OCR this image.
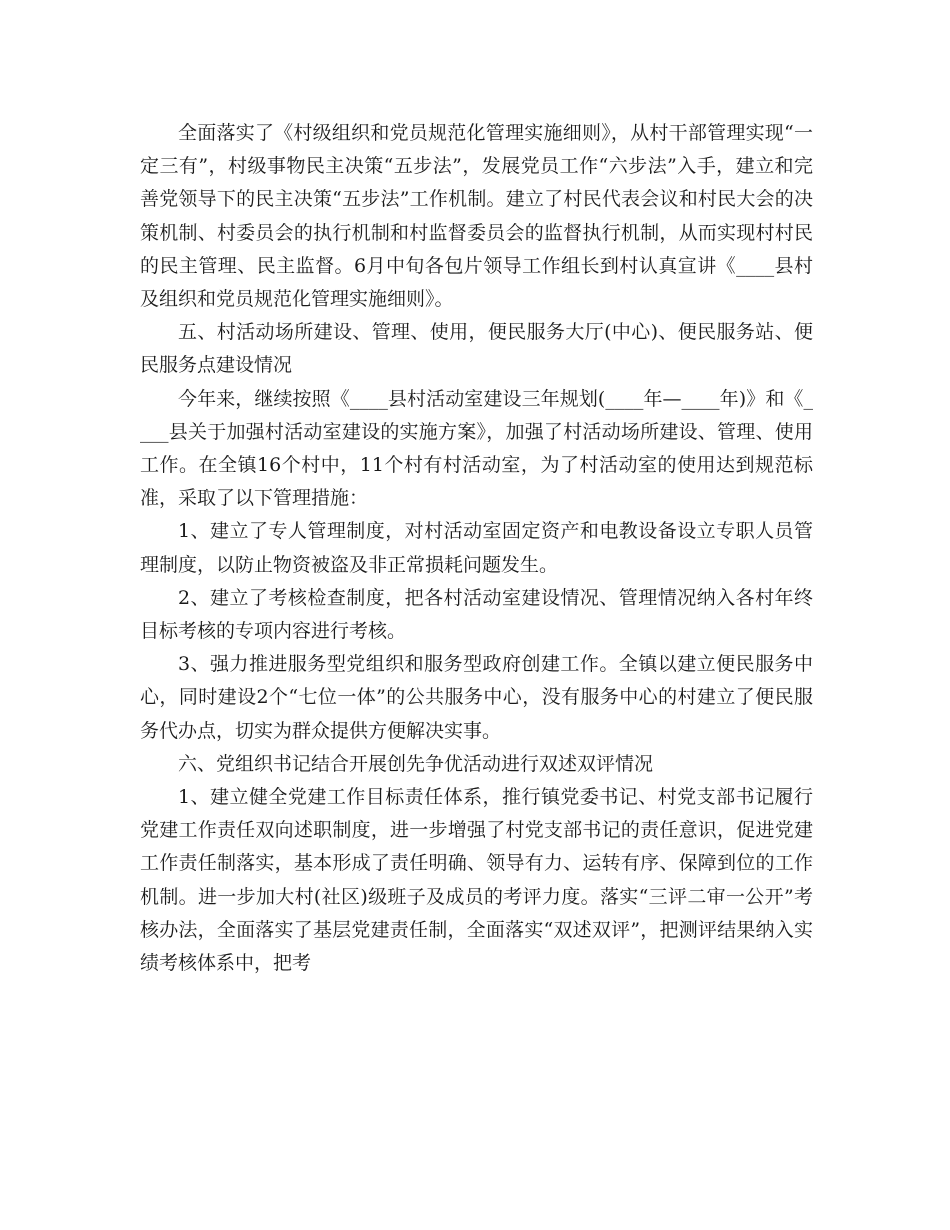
全面落实了《村级组织和党员规范化管理实施细则》，从村干部管理实现“一定三有”，村级事物民主决策“五步法”，发展党员工作“六步法”入手，建立和完善党领导下的民主决策“五步法”工作机制。建立了村民代表会议和村民大会的决策机制、村委员会的执行机制和村监督委员会的监督执行机制，从而实现村村民的民主管理、民主监督。6月中旬各包片领导工作组长到村认真宣讲《____县村及组织和党员规范化管理实施细则》。

五、村活动场所建设、管理、使用，便民服务大厅(中心)、便民服务站、便民服务点建设情况

今年来，继续按照《____县村活动室建设三年规划(____年—____年)》和《____县关于加强村活动室建设的实施方案》，加强了村活动场所建设、管理、使用工作。在全镇16个村中，11个村有村活动室，为了村活动室的使用达到规范标准，采取了以下管理措施：

1、建立了专人管理制度，对村活动室固定资产和电教设备设立专职人员管理制度，以防止物资被盗及非正常损耗问题发生。

2、建立了考核检查制度，把各村活动室建设情况、管理情况纳入各村年终目标考核的专项内容进行考核。

3、强力推进服务型党组织和服务型政府创建工作。全镇以建立便民服务中心，同时建设2个“七位一体”的公共服务中心，没有服务中心的村建立了便民服务代办点，切实为群众提供方便解决实事。

六、党组织书记结合开展创先争优活动进行双述双评情况

1、建立健全党建工作目标责任体系，推行镇党委书记、村党支部书记履行党建工作责任双向述职制度，进一步增强了村党支部书记的责任意识，促进党建工作责任制落实，基本形成了责任明确、领导有力、运转有序、保障到位的工作机制。进一步加大村(社区)级班子及成员的考评力度。落实“三评二审一公开”考核办法，全面落实了基层党建责任制，全面落实“双述双评”，把测评结果纳入实绩考核体系中，把考
